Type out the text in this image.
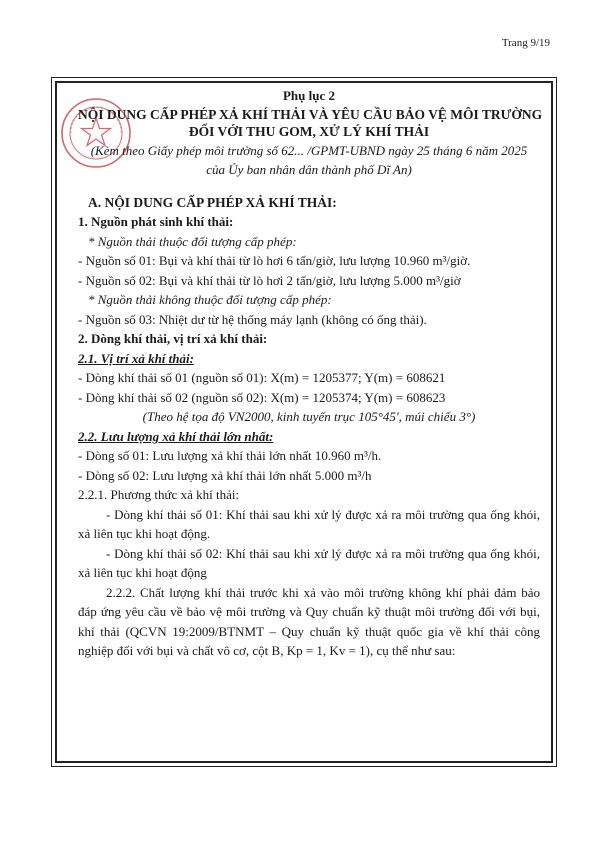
Trang 9/19
Phụ lục 2
NỘI DUNG CẤP PHÉP XẢ KHÍ THẢI VÀ YÊU CẦU BẢO VỆ MÔI TRƯỜNG
ĐỐI VỚI THU GOM, XỬ LÝ KHÍ THẢI
(Kèm theo Giấy phép môi trường số 62... /GPMT-UBND ngày 25 tháng 6 năm 2025
của Ủy ban nhân dân thành phố Dĩ An)
A. NỘI DUNG CẤP PHÉP XẢ KHÍ THẢI:
1. Nguồn phát sinh khí thải:
* Nguồn thải thuộc đối tượng cấp phép:
- Nguồn số 01: Bụi và khí thải từ lò hơi 6 tấn/giờ, lưu lượng 10.960 m³/giờ.
- Nguồn số 02: Bụi và khí thải từ lò hơi 2 tấn/giờ, lưu lượng 5.000 m³/giờ
* Nguồn thải không thuộc đối tượng cấp phép:
- Nguồn số 03: Nhiệt dư từ hệ thống máy lạnh (không có ống thải).
2. Dòng khí thải, vị trí xả khí thải:
2.1. Vị trí xả khí thải:
- Dòng khí thải số 01 (nguồn số 01): X(m) = 1205377; Y(m) = 608621
- Dòng khí thải số 02 (nguồn số 02): X(m) = 1205374; Y(m) = 608623
(Theo hệ tọa độ VN2000, kinh tuyến trục 105°45', múi chiếu 3°)
2.2. Lưu lượng xả khí thải lớn nhất:
- Dòng số 01: Lưu lượng xả khí thải lớn nhất 10.960 m³/h.
- Dòng số 02: Lưu lượng xả khí thải lớn nhất 5.000 m³/h
2.2.1. Phương thức xả khí thải:
- Dòng khí thải số 01: Khí thải sau khi xử lý được xả ra môi trường qua ống khói, xả liên tục khi hoạt động.
- Dòng khí thải số 02: Khí thải sau khi xử lý được xả ra môi trường qua ống khói, xả liên tục khi hoạt động
2.2.2. Chất lượng khí thải trước khi xả vào môi trường không khí phải đảm bảo đáp ứng yêu cầu về bảo vệ môi trường và Quy chuẩn kỹ thuật môi trường đối với bụi, khí thải (QCVN 19:2009/BTNMT – Quy chuẩn kỹ thuật quốc gia về khí thải công nghiệp đối với bụi và chất vô cơ, cột B, Kp = 1, Kv = 1), cụ thể như sau:
